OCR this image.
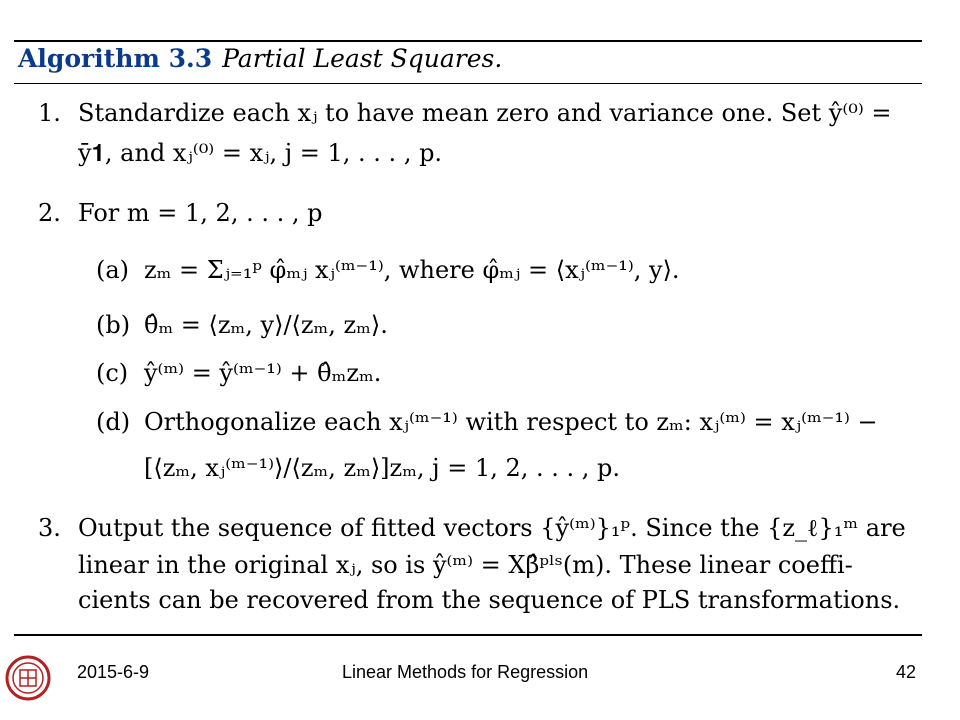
Algorithm 3.3 Partial Least Squares.
1. Standardize each xⱼ to have mean zero and variance one. Set ŷ⁽⁰⁾ =
ȳ𝟏, and xⱼ⁽⁰⁾ = xⱼ, j = 1, . . . , p.
2. For m = 1, 2, . . . , p
(a) zₘ = Σⱼ₌₁ᵖ φ̂ₘⱼ xⱼ⁽ᵐ⁻¹⁾, where φ̂ₘⱼ = ⟨xⱼ⁽ᵐ⁻¹⁾, y⟩.
(b) θ̂ₘ = ⟨zₘ, y⟩/⟨zₘ, zₘ⟩.
(c) ŷ⁽ᵐ⁾ = ŷ⁽ᵐ⁻¹⁾ + θ̂ₘzₘ.
(d) Orthogonalize each xⱼ⁽ᵐ⁻¹⁾ with respect to zₘ: xⱼ⁽ᵐ⁾ = xⱼ⁽ᵐ⁻¹⁾ −
[⟨zₘ, xⱼ⁽ᵐ⁻¹⁾⟩/⟨zₘ, zₘ⟩]zₘ, j = 1, 2, . . . , p.
3. Output the sequence of fitted vectors {ŷ⁽ᵐ⁾}₁ᵖ. Since the {z_ℓ}₁ᵐ are
linear in the original xⱼ, so is ŷ⁽ᵐ⁾ = Xβ̂ᵖˡˢ(m). These linear coeffi-
cients can be recovered from the sequence of PLS transformations.
2015-6-9	Linear Methods for Regression	42
